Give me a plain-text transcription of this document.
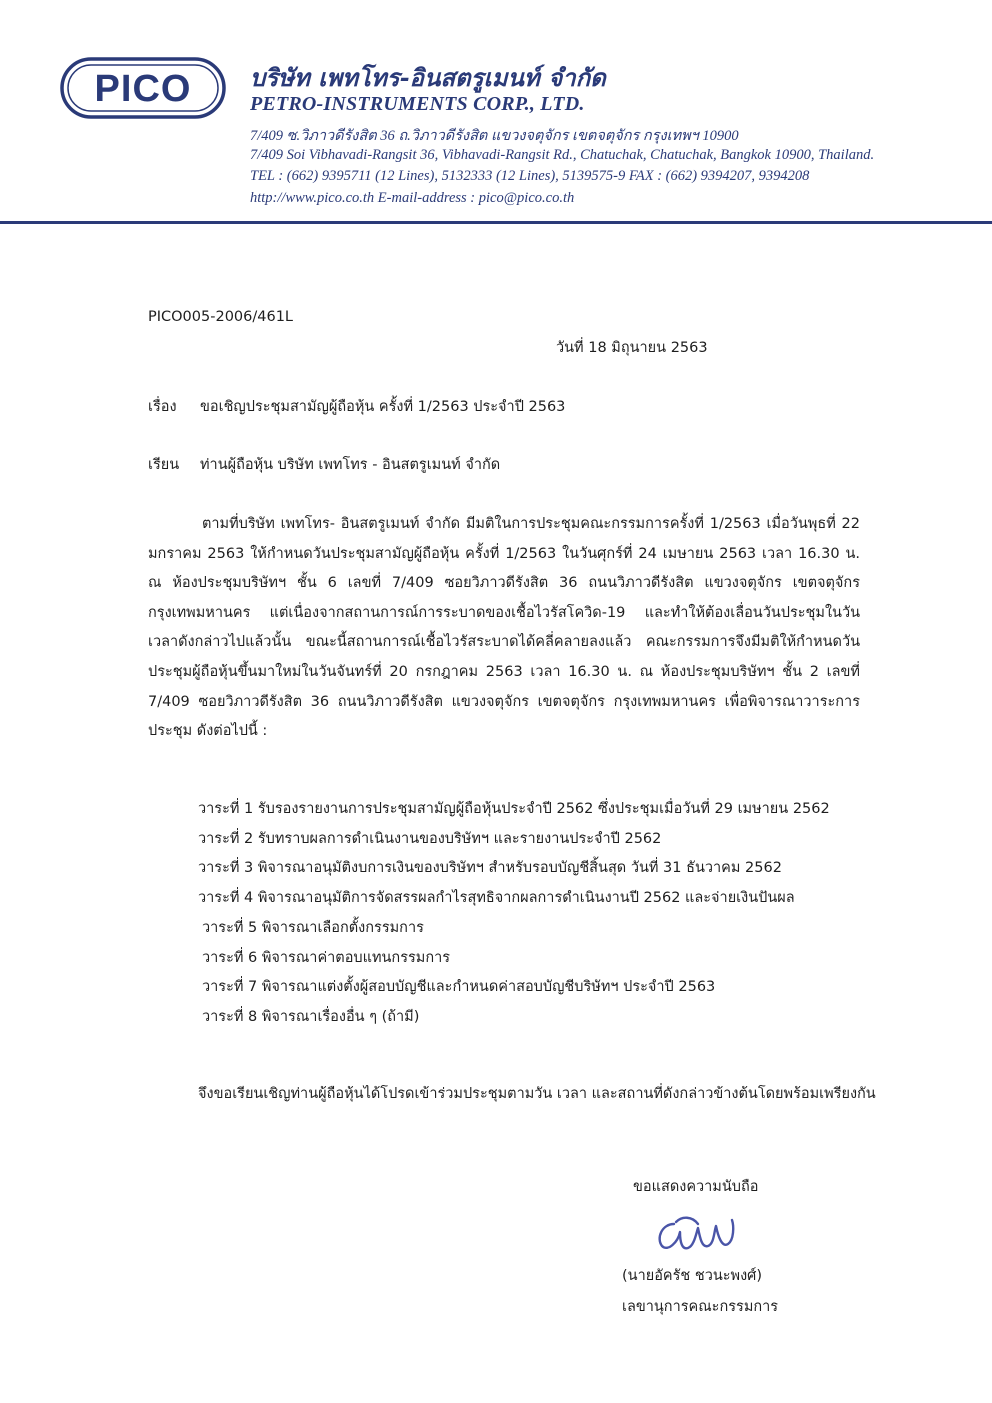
PICO บริษัท เพทโทร-อินสตรูเมนท์ จำกัด
PETRO-INSTRUMENTS CORP., LTD.
7/409 ซ.วิภาวดีรังสิต 36 ถ.วิภาวดีรังสิต แขวงจตุจักร เขตจตุจักร กรุงเทพฯ 10900
7/409 Soi Vibhavadi-Rangsit 36, Vibhavadi-Rangsit Rd., Chatuchak, Chatuchak, Bangkok 10900, Thailand.
TEL : (662) 9395711 (12 Lines), 5132333 (12 Lines), 5139575-9 FAX : (662) 9394207, 9394208
http://www.pico.co.th E-mail-address : pico@pico.co.th
PICO005-2006/461L
วันที่ 18 มิถุนายน 2563
เรื่อง ขอเชิญประชุมสามัญผู้ถือหุ้น ครั้งที่ 1/2563 ประจำปี 2563
เรียน ท่านผู้ถือหุ้น บริษัท เพทโทร - อินสตรูเมนท์ จำกัด
ตามที่บริษัท เพทโทร- อินสตรูเมนท์ จำกัด มีมติในการประชุมคณะกรรมการครั้งที่ 1/2563 เมื่อวันพุธที่ 22 มกราคม 2563 ให้กำหนดวันประชุมสามัญผู้ถือหุ้น ครั้งที่ 1/2563 ในวันศุกร์ที่ 24 เมษายน 2563 เวลา 16.30 น. ณ ห้องประชุมบริษัทฯ ชั้น 6 เลขที่ 7/409 ซอยวิภาวดีรังสิต 36 ถนนวิภาวดีรังสิต แขวงจตุจักร เขตจตุจักร กรุงเทพมหานคร แต่เนื่องจากสถานการณ์การระบาดของเชื้อไวรัสโควิด-19 และทำให้ต้องเลื่อนวันประชุมในวันเวลาดังกล่าวไปแล้วนั้น ขณะนี้สถานการณ์เชื้อไวรัสระบาดได้คลี่คลายลงแล้ว คณะกรรมการจึงมีมติให้กำหนดวันประชุมผู้ถือหุ้นขึ้นมาใหม่ในวันจันทร์ที่ 20 กรกฎาคม 2563 เวลา 16.30 น. ณ ห้องประชุมบริษัทฯ ชั้น 2 เลขที่ 7/409 ซอยวิภาวดีรังสิต 36 ถนนวิภาวดีรังสิต แขวงจตุจักร เขตจตุจักร กรุงเทพมหานคร เพื่อพิจารณาวาระการประชุม ดังต่อไปนี้ :
วาระที่ 1 รับรองรายงานการประชุมสามัญผู้ถือหุ้นประจำปี 2562 ซึ่งประชุมเมื่อวันที่ 29 เมษายน 2562
วาระที่ 2 รับทราบผลการดำเนินงานของบริษัทฯ และรายงานประจำปี 2562
วาระที่ 3 พิจารณาอนุมัติงบการเงินของบริษัทฯ สำหรับรอบบัญชีสิ้นสุด วันที่ 31 ธันวาคม 2562
วาระที่ 4 พิจารณาอนุมัติการจัดสรรผลกำไรสุทธิจากผลการดำเนินงานปี 2562 และจ่ายเงินปันผล
วาระที่ 5 พิจารณาเลือกตั้งกรรมการ
วาระที่ 6 พิจารณาค่าตอบแทนกรรมการ
วาระที่ 7 พิจารณาแต่งตั้งผู้สอบบัญชีและกำหนดค่าสอบบัญชีบริษัทฯ ประจำปี 2563
วาระที่ 8 พิจารณาเรื่องอื่น ๆ (ถ้ามี)
จึงขอเรียนเชิญท่านผู้ถือหุ้นได้โปรดเข้าร่วมประชุมตามวัน เวลา และสถานที่ดังกล่าวข้างต้นโดยพร้อมเพรียงกัน
ขอแสดงความนับถือ
(นายอัครัช ชวนะพงศ์)
เลขานุการคณะกรรมการ
